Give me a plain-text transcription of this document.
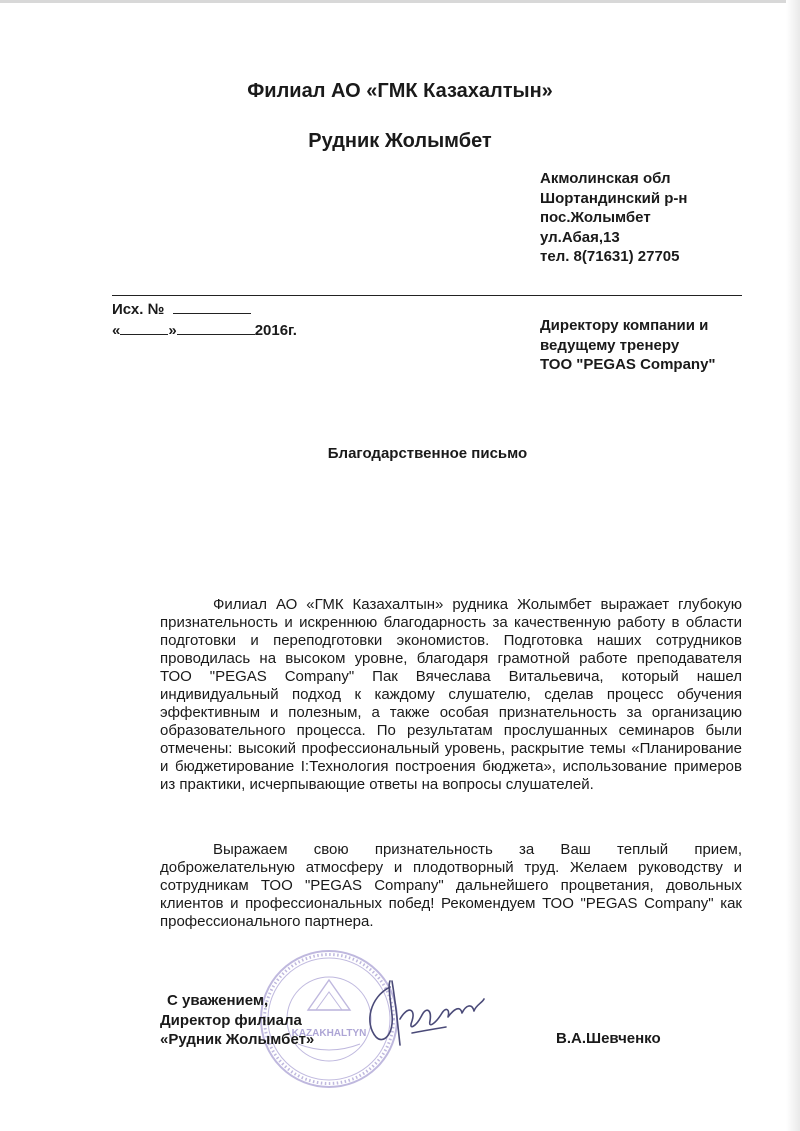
Филиал АО «ГМК Казахалтын»
Рудник Жолымбет
Акмолинская обл
Шортандинский р-н
пос.Жолымбет
ул.Абая,13
тел. 8(71631) 27705
Исх. №
«	»	2016г.	Директору компании и
ведущему тренеру
ТОО "PEGAS Company"
Благодарственное письмо

Филиал АО «ГМК Казахалтын» рудника Жолымбет выражает глубокую признательность и искреннюю благодарность за качественную работу в области подготовки и переподготовки экономистов. Подготовка наших сотрудников проводилась на высоком уровне, благодаря грамотной работе преподавателя ТОО "PEGAS Company" Пак Вячеслава Витальевича, который нашел индивидуальный подход к каждому слушателю, сделав процесс обучения эффективным и полезным, а также особая признательность за организацию образовательного процесса. По результатам прослушанных семинаров были отмечены: высокий профессиональный уровень, раскрытие темы «Планирование и бюджетирование I:Технология построения бюджета», использование примеров из практики, исчерпывающие ответы на вопросы слушателей.

Выражаем свою признательность за Ваш теплый прием, доброжелательную атмосферу и плодотворный труд. Желаем руководству и сотрудникам ТОО "PEGAS Company" дальнейшего процветания, довольных клиентов и профессиональных побед! Рекомендуем ТОО "PEGAS Company" как профессионального партнера.

KAZAKHALTYN
С уважением,
Директор филиала
«Рудник Жолымбет»	В.А.Шевченко
